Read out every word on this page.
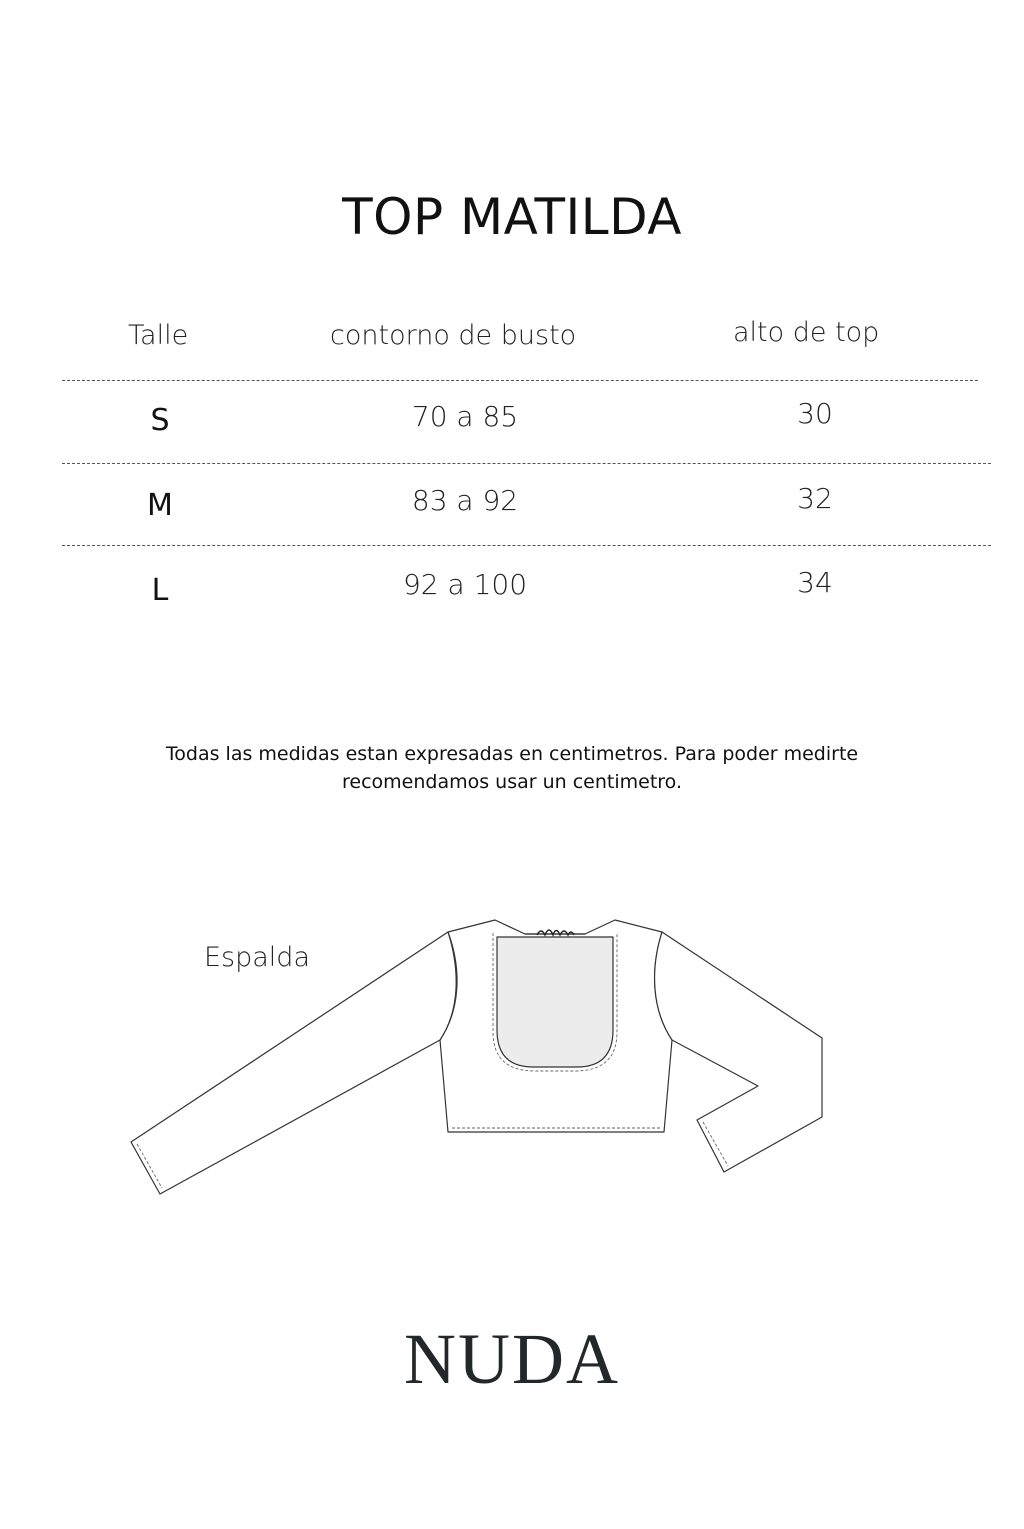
TOP MATILDA
Talle	contorno de busto	alto de top
S	70 a 85	30
M	83 a 92	32
L	92 a 100	34
Todas las medidas estan expresadas en centimetros. Para poder medirte
recomendamos usar un centimetro.
Espalda
NUDA
